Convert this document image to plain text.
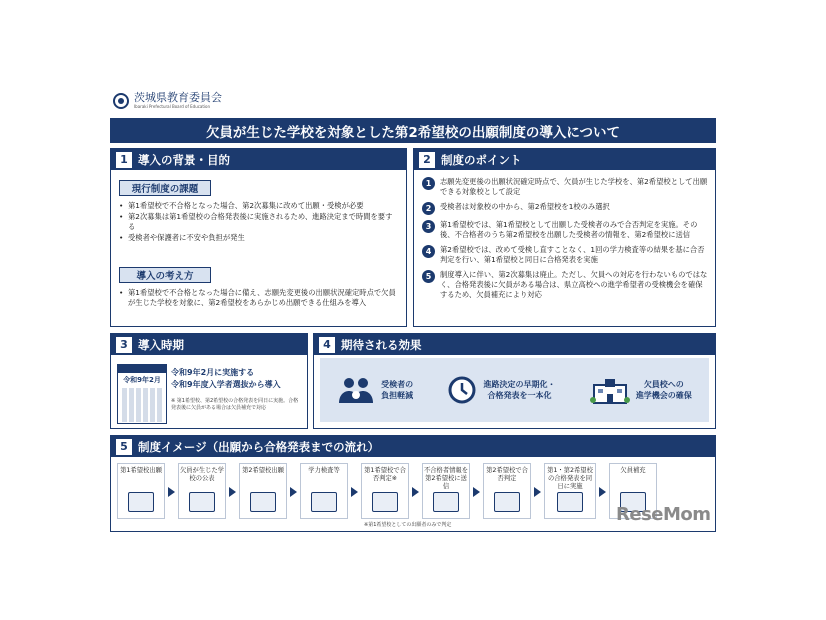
茨城県教育委員会
Ibaraki Prefectural Board of Education
欠員が生じた学校を対象とした第2希望校の出願制度の導入について
1 導入の背景・目的
現行制度の課題
• 第1希望校で不合格となった場合、第2次募集に改めて出願・受検が必要
• 第2次募集は第1希望校の合格発表後に実施されるため、進路決定まで時間を要する
• 受検者や保護者に不安や負担が発生
導入の考え方
• 第1希望校で不合格となった場合に備え、志願先変更後の出願状況確定時点で欠員が生じた学校を対象に、第2希望校をあらかじめ出願できる仕組みを導入
2 制度のポイント
1	志願先変更後の出願状況確定時点で、欠員が生じた学校を、第2希望校として出願できる対象校として設定
2	受検者は対象校の中から、第2希望校を1校のみ選択
3	第1希望校では、第1希望校として出願した受検者のみで合否判定を実施。その後、不合格者のうち第2希望校を出願した受検者の情報を、第2希望校に送信
4	第2希望校では、改めて受検し直すことなく、1回の学力検査等の結果を基に合否判定を行い、第1希望校と同日に合格発表を実施
5	制度導入に伴い、第2次募集は廃止。ただし、欠員への対応を行わないものではなく、合格発表後に欠員がある場合は、県立高校への進学希望者の受検機会を確保するため、欠員補充により対応
3 導入時期
令和9年2月
令和9年2月に実施する
令和9年度入学者選抜から導入
※ 第1希望校、第2希望校の合格発表を同日に実施。合格発表後に欠員がある場合は欠員補充で対応
4 期待される効果
受検者の
負担軽減
進路決定の早期化・
合格発表を一本化
欠員校への
進学機会の確保
5 制度イメージ（出願から合格発表までの流れ）
第1希望校出願	欠員が生じた学校の公表
第2希望校出願	学力検査等	第1希望校で合否判定※
不合格者情報を第2希望校に送信
第2希望校で合否判定
第1・第2希望校の合格発表を同日に実施
欠員補充
※第1希望校としての出願者のみで判定	ReseMom
